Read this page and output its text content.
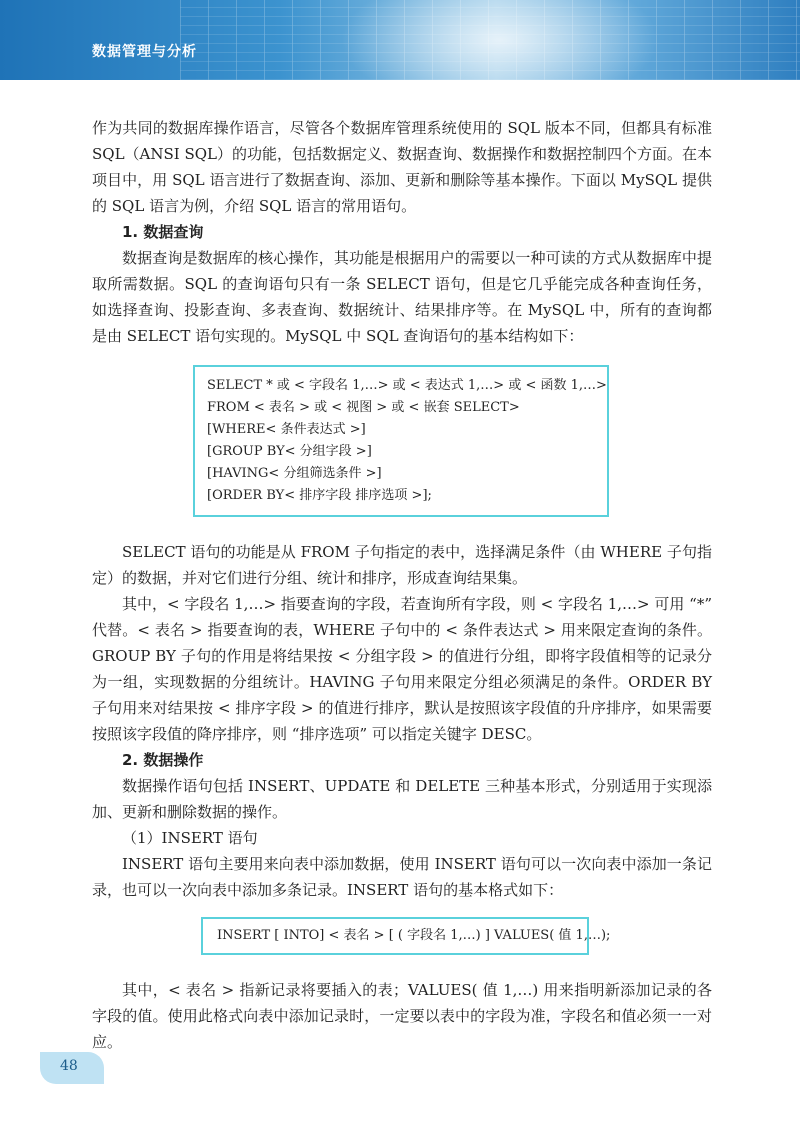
数据管理与分析

作为共同的数据库操作语言，尽管各个数据库管理系统使用的 SQL 版本不同，但都具有标准 SQL（ANSI SQL）的功能，包括数据定义、数据查询、数据操作和数据控制四个方面。在本项目中，用 SQL 语言进行了数据查询、添加、更新和删除等基本操作。下面以 MySQL 提供的 SQL 语言为例，介绍 SQL 语言的常用语句。

1. 数据查询

数据查询是数据库的核心操作，其功能是根据用户的需要以一种可读的方式从数据库中提取所需数据。SQL 的查询语句只有一条 SELECT 语句，但是它几乎能完成各种查询任务，如选择查询、投影查询、多表查询、数据统计、结果排序等。在 MySQL 中，所有的查询都是由 SELECT 语句实现的。MySQL 中 SQL 查询语句的基本结构如下：

SELECT * 或 < 字段名 1,…> 或 < 表达式 1,…> 或 < 函数 1,…>
FROM < 表名 > 或 < 视图 > 或 < 嵌套 SELECT>
[WHERE< 条件表达式 >]
[GROUP BY< 分组字段 >]
[HAVING< 分组筛选条件 >]
[ORDER BY< 排序字段 排序选项 >];

SELECT 语句的功能是从 FROM 子句指定的表中，选择满足条件（由 WHERE 子句指定）的数据，并对它们进行分组、统计和排序，形成查询结果集。

其中，< 字段名 1,…> 指要查询的字段，若查询所有字段，则 < 字段名 1,…> 可用 “*” 代替。< 表名 > 指要查询的表，WHERE 子句中的 < 条件表达式 > 用来限定查询的条件。GROUP BY 子句的作用是将结果按 < 分组字段 > 的值进行分组，即将字段值相等的记录分为一组，实现数据的分组统计。HAVING 子句用来限定分组必须满足的条件。ORDER BY 子句用来对结果按 < 排序字段 > 的值进行排序，默认是按照该字段值的升序排序，如果需要按照该字段值的降序排序，则 “排序选项” 可以指定关键字 DESC。

2. 数据操作

数据操作语句包括 INSERT、UPDATE 和 DELETE 三种基本形式，分别适用于实现添加、更新和删除数据的操作。

（1）INSERT 语句

INSERT 语句主要用来向表中添加数据，使用 INSERT 语句可以一次向表中添加一条记录，也可以一次向表中添加多条记录。INSERT 语句的基本格式如下：

INSERT [ INTO] < 表名 > [ ( 字段名 1,…) ] VALUES( 值 1,…);

其中，< 表名 > 指新记录将要插入的表；VALUES( 值 1,…) 用来指明新添加记录的各字段的值。使用此格式向表中添加记录时，一定要以表中的字段为准，字段名和值必须一一对应。

48
